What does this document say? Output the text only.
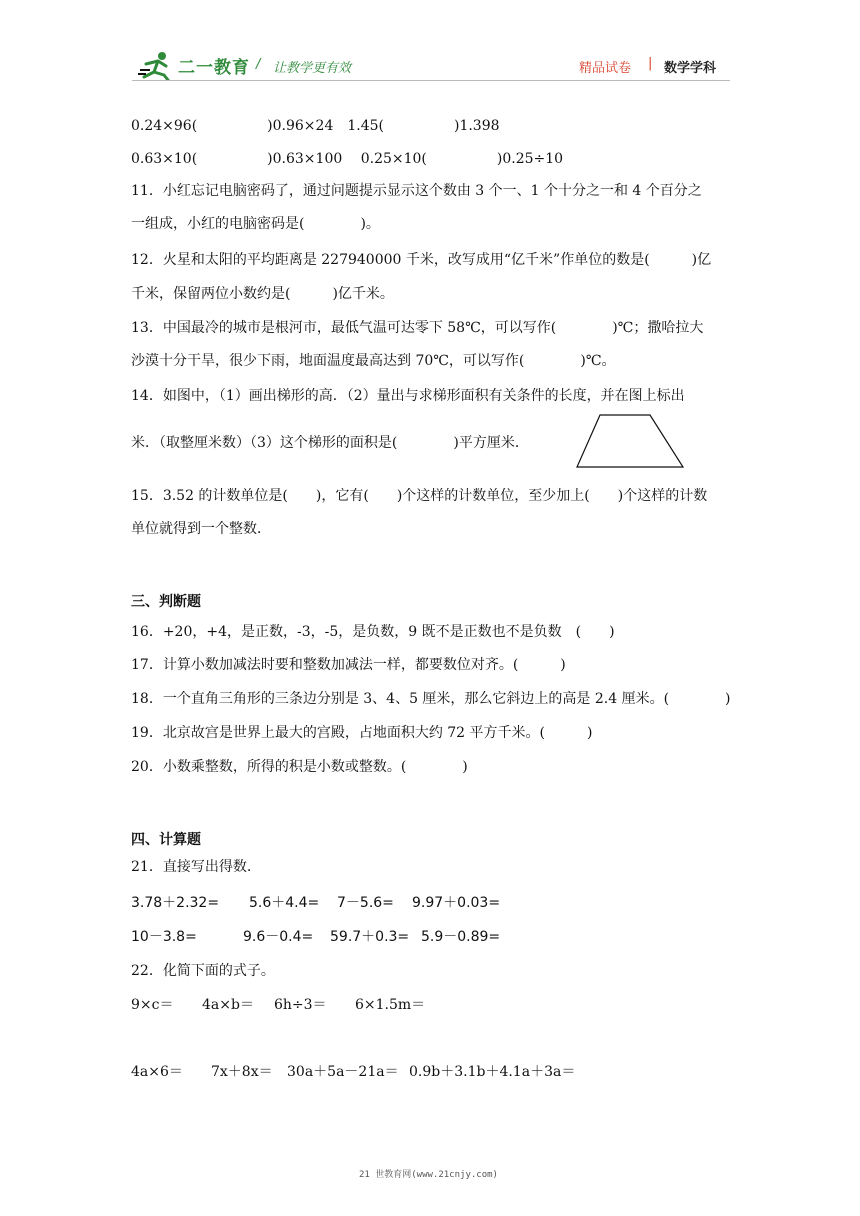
二一教育 / 让教学更有效	精品试卷 | 数学学科
0.24×96(　　　　　)0.96×24　1.45(　　　　　)1.398
0.63×10(　　　　　)0.63×100　 0.25×10(　　　　　)0.25÷10
11．小红忘记电脑密码了，通过问题提示显示这个数由 3 个一、1 个十分之一和 4 个百分之
一组成，小红的电脑密码是(　　　　)。
12．火星和太阳的平均距离是 227940000 千米，改写成用“亿千米”作单位的数是(　　　)亿
千米，保留两位小数约是(　　　)亿千米。
13．中国最冷的城市是根河市，最低气温可达零下 58℃，可以写作(　　　　)℃；撒哈拉大
沙漠十分干旱，很少下雨，地面温度最高达到 70℃，可以写作(　　　　)℃。
14．如图中，（1）画出梯形的高．（2）量出与求梯形面积有关条件的长度，并在图上标出
米．（取整厘米数）（3）这个梯形的面积是(　　　　)平方厘米．
15．3.52 的计数单位是(　　)，它有(　　)个这样的计数单位，至少加上(　　)个这样的计数
单位就得到一个整数．
三、判断题
16．+20，+4，是正数，-3，-5，是负数，9 既不是正数也不是负数　(　　)
17．计算小数加减法时要和整数加减法一样，都要数位对齐。(　　　)
18．一个直角三角形的三条边分别是 3、4、5 厘米，那么它斜边上的高是 2.4 厘米。(　　　　)
19．北京故宫是世界上最大的宫殿，占地面积大约 72 平方千米。(　　　)
20．小数乘整数，所得的积是小数或整数。(　　　　)
四、计算题
21．直接写出得数.
3.78＋2.32= 5.6＋4.4= 7－5.6= 9.97＋0.03=
10－3.8=	9.6－0.4= 59.7＋0.3= 5.9－0.89=
22．化简下面的式子。
9×c＝ 4a×b＝ 6h÷3＝ 6×1.5m＝
4a×6＝ 7x＋8x＝ 30a＋5a－21a＝ 0.9b＋3.1b＋4.1a＋3a＝
21 世教育网(www.21cnjy.com)
